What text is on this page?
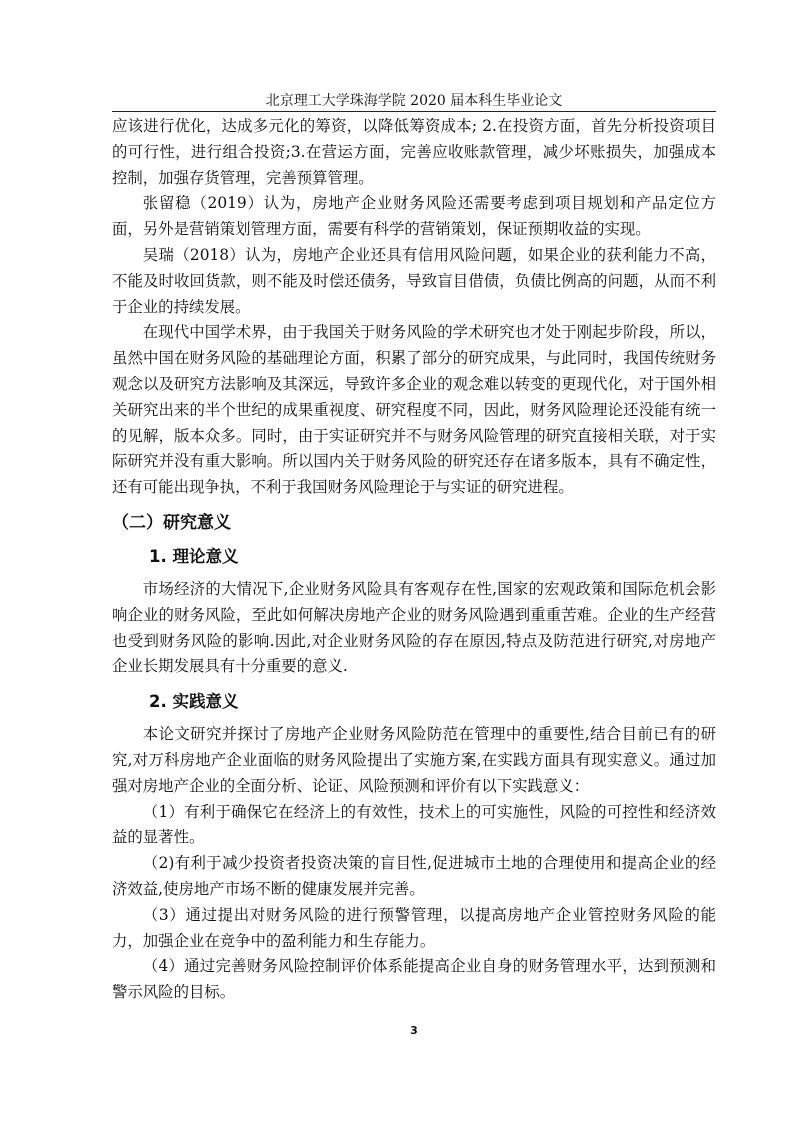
北京理工大学珠海学院 2020 届本科生毕业论文

应该进行优化，达成多元化的筹资，以降低筹资成本; 2.在投资方面，首先分析投资项目的可行性，进行组合投资;3.在营运方面，完善应收账款管理，减少坏账损失，加强成本控制，加强存货管理，完善预算管理。

张留稳（2019）认为，房地产企业财务风险还需要考虑到项目规划和产品定位方面，另外是营销策划管理方面，需要有科学的营销策划，保证预期收益的实现。

吴瑞（2018）认为，房地产企业还具有信用风险问题，如果企业的获利能力不高，不能及时收回货款，则不能及时偿还债务，导致盲目借债，负债比例高的问题，从而不利于企业的持续发展。

在现代中国学术界，由于我国关于财务风险的学术研究也才处于刚起步阶段，所以，虽然中国在财务风险的基础理论方面，积累了部分的研究成果，与此同时，我国传统财务观念以及研究方法影响及其深远，导致许多企业的观念难以转变的更现代化，对于国外相关研究出来的半个世纪的成果重视度、研究程度不同，因此，财务风险理论还没能有统一的见解，版本众多。同时，由于实证研究并不与财务风险管理的研究直接相关联，对于实际研究并没有重大影响。所以国内关于财务风险的研究还存在诸多版本，具有不确定性，还有可能出现争执，不利于我国财务风险理论于与实证的研究进程。

（二）研究意义
1. 理论意义

市场经济的大情况下,企业财务风险具有客观存在性,国家的宏观政策和国际危机会影响企业的财务风险，至此如何解决房地产企业的财务风险遇到重重苦难。企业的生产经营也受到财务风险的影响.因此,对企业财务风险的存在原因,特点及防范进行研究,对房地产企业长期发展具有十分重要的意义.

2. 实践意义

本论文研究并探讨了房地产企业财务风险防范在管理中的重要性,结合目前已有的研究,对万科房地产企业面临的财务风险提出了实施方案,在实践方面具有现实意义。通过加强对房地产企业的全面分析、论证、风险预测和评价有以下实践意义：

（1）有利于确保它在经济上的有效性，技术上的可实施性，风险的可控性和经济效益的显著性。

（2)有利于减少投资者投资决策的盲目性,促进城市土地的合理使用和提高企业的经济效益,使房地产市场不断的健康发展并完善。

（3）通过提出对财务风险的进行预警管理，以提高房地产企业管控财务风险的能力，加强企业在竞争中的盈利能力和生存能力。

（4）通过完善财务风险控制评价体系能提高企业自身的财务管理水平，达到预测和警示风险的目标。

3
